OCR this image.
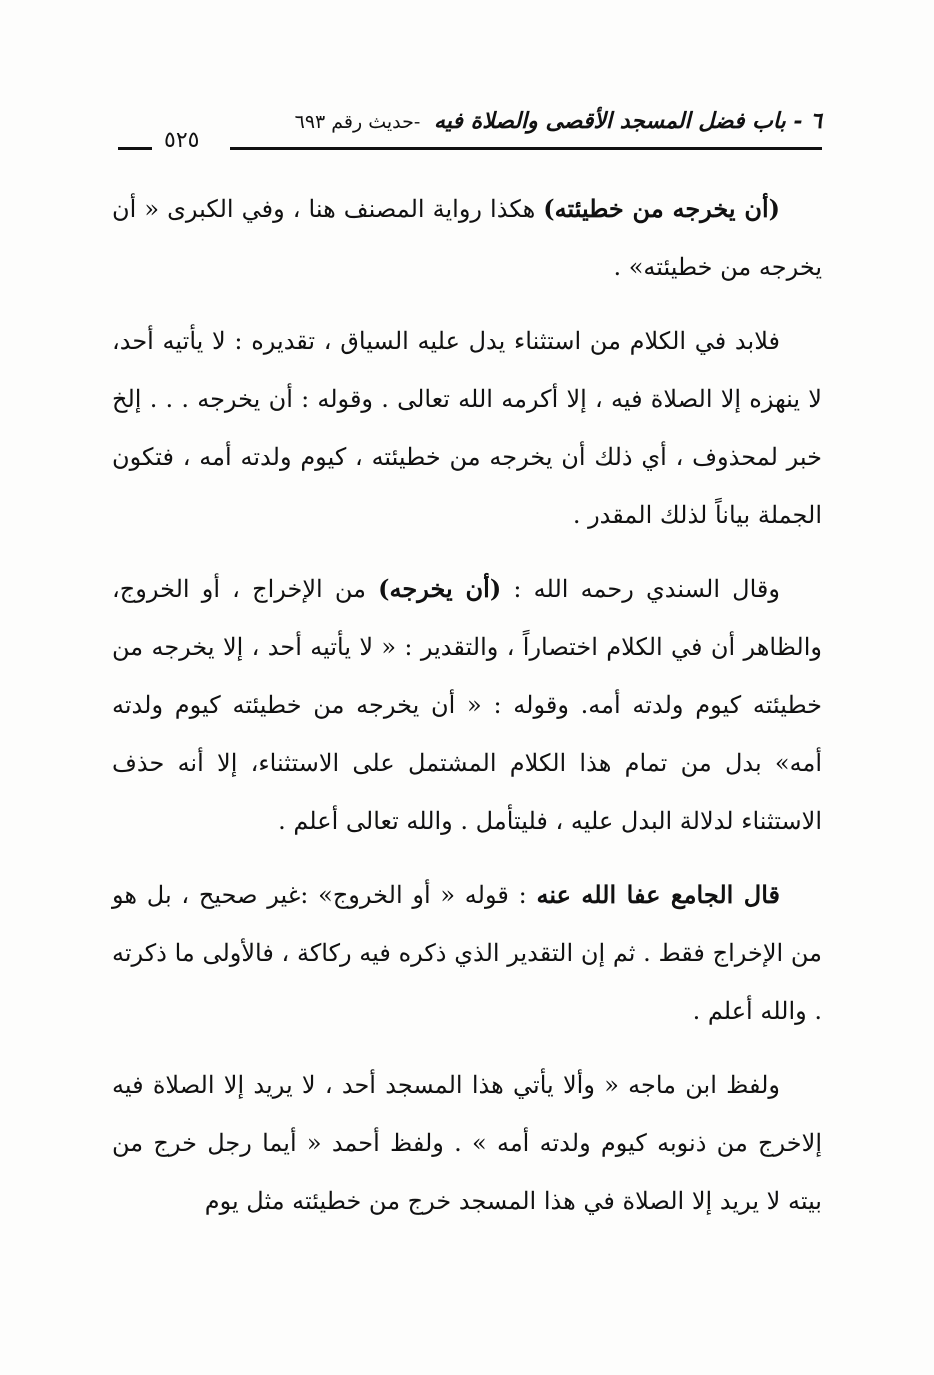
٦ - باب فضل المسجد الأقصى والصلاة فيه -حديث رقم ٦٩٣
٥٢٥

(أن يخرجه من خطيئته) هكذا رواية المصنف هنا ، وفي الكبرى « أن يخرجه من خطيئته» .

فلابد في الكلام من استثناء يدل عليه السياق ، تقديره : لا يأتيه أحد، لا ينهزه إلا الصلاة فيه ، إلا أكرمه الله تعالى . وقوله : أن يخرجه . . . إلخ خبر لمحذوف ، أي ذلك أن يخرجه من خطيئته ، كيوم ولدته أمه ، فتكون الجملة بياناً لذلك المقدر .

وقال السندي رحمه الله : (أن يخرجه) من الإخراج ، أو الخروج، والظاهر أن في الكلام اختصاراً ، والتقدير : « لا يأتيه أحد ، إلا يخرجه من خطيئته كيوم ولدته أمه. وقوله : « أن يخرجه من خطيئته كيوم ولدته أمه» بدل من تمام هذا الكلام المشتمل على الاستثناء، إلا أنه حذف الاستثناء لدلالة البدل عليه ، فليتأمل . والله تعالى أعلم .

قال الجامع عفا الله عنه : قوله « أو الخروج» :غير صحيح ، بل هو من الإخراج فقط . ثم إن التقدير الذي ذكره فيه ركاكة ، فالأولى ما ذكرته . والله أعلم .

ولفظ ابن ماجه « وألا يأتي هذا المسجد أحد ، لا يريد إلا الصلاة فيه إلاخرج من ذنوبه كيوم ولدته أمه » . ولفظ أحمد « أيما رجل خرج من بيته لا يريد إلا الصلاة في هذا المسجد خرج من خطيئته مثل يوم
